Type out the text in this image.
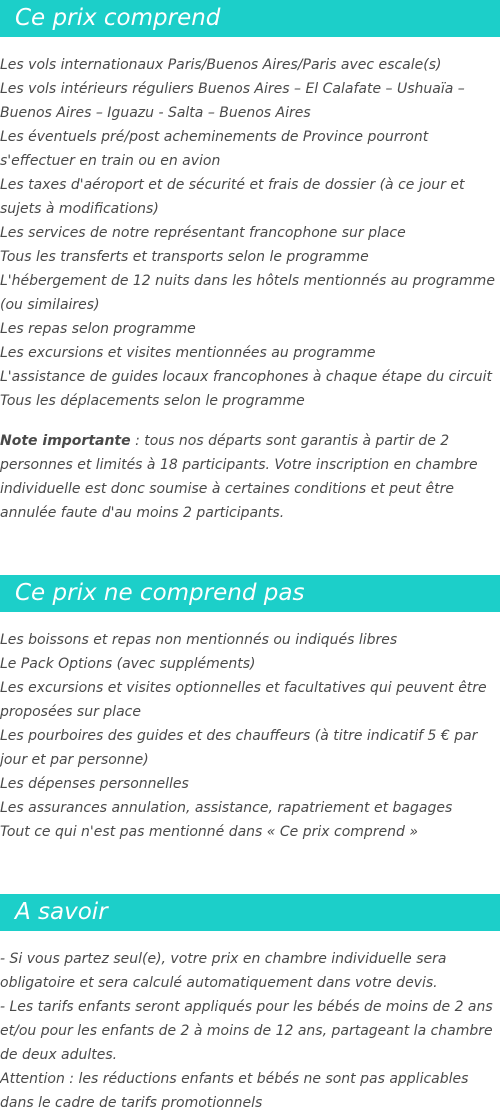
Ce prix comprend
Les vols internationaux Paris/Buenos Aires/Paris avec escale(s)
Les vols intérieurs réguliers Buenos Aires – El Calafate – Ushuaïa – Buenos Aires – Iguazu - Salta – Buenos Aires
Les éventuels pré/post acheminements de Province pourront s'effectuer en train ou en avion
Les taxes d'aéroport et de sécurité et frais de dossier (à ce jour et sujets à modifications)
Les services de notre représentant francophone sur place
Tous les transferts et transports selon le programme
L'hébergement de 12 nuits dans les hôtels mentionnés au programme (ou similaires)
Les repas selon programme
Les excursions et visites mentionnées au programme
L'assistance de guides locaux francophones à chaque étape du circuit
Tous les déplacements selon le programme

Note importante : tous nos départs sont garantis à partir de 2 personnes et limités à 18 participants. Votre inscription en chambre individuelle est donc soumise à certaines conditions et peut être annulée faute d'au moins 2 participants.

Ce prix ne comprend pas
Les boissons et repas non mentionnés ou indiqués libres
Le Pack Options (avec suppléments)
Les excursions et visites optionnelles et facultatives qui peuvent être proposées sur place
Les pourboires des guides et des chauffeurs (à titre indicatif 5 € par jour et par personne)
Les dépenses personnelles
Les assurances annulation, assistance, rapatriement et bagages
Tout ce qui n'est pas mentionné dans « Ce prix comprend »
A savoir
- Si vous partez seul(e), votre prix en chambre individuelle sera obligatoire et sera calculé automatiquement dans votre devis.
- Les tarifs enfants seront appliqués pour les bébés de moins de 2 ans et/ou pour les enfants de 2 à moins de 12 ans, partageant la chambre de deux adultes.
Attention : les réductions enfants et bébés ne sont pas applicables dans le cadre de tarifs promotionnels
